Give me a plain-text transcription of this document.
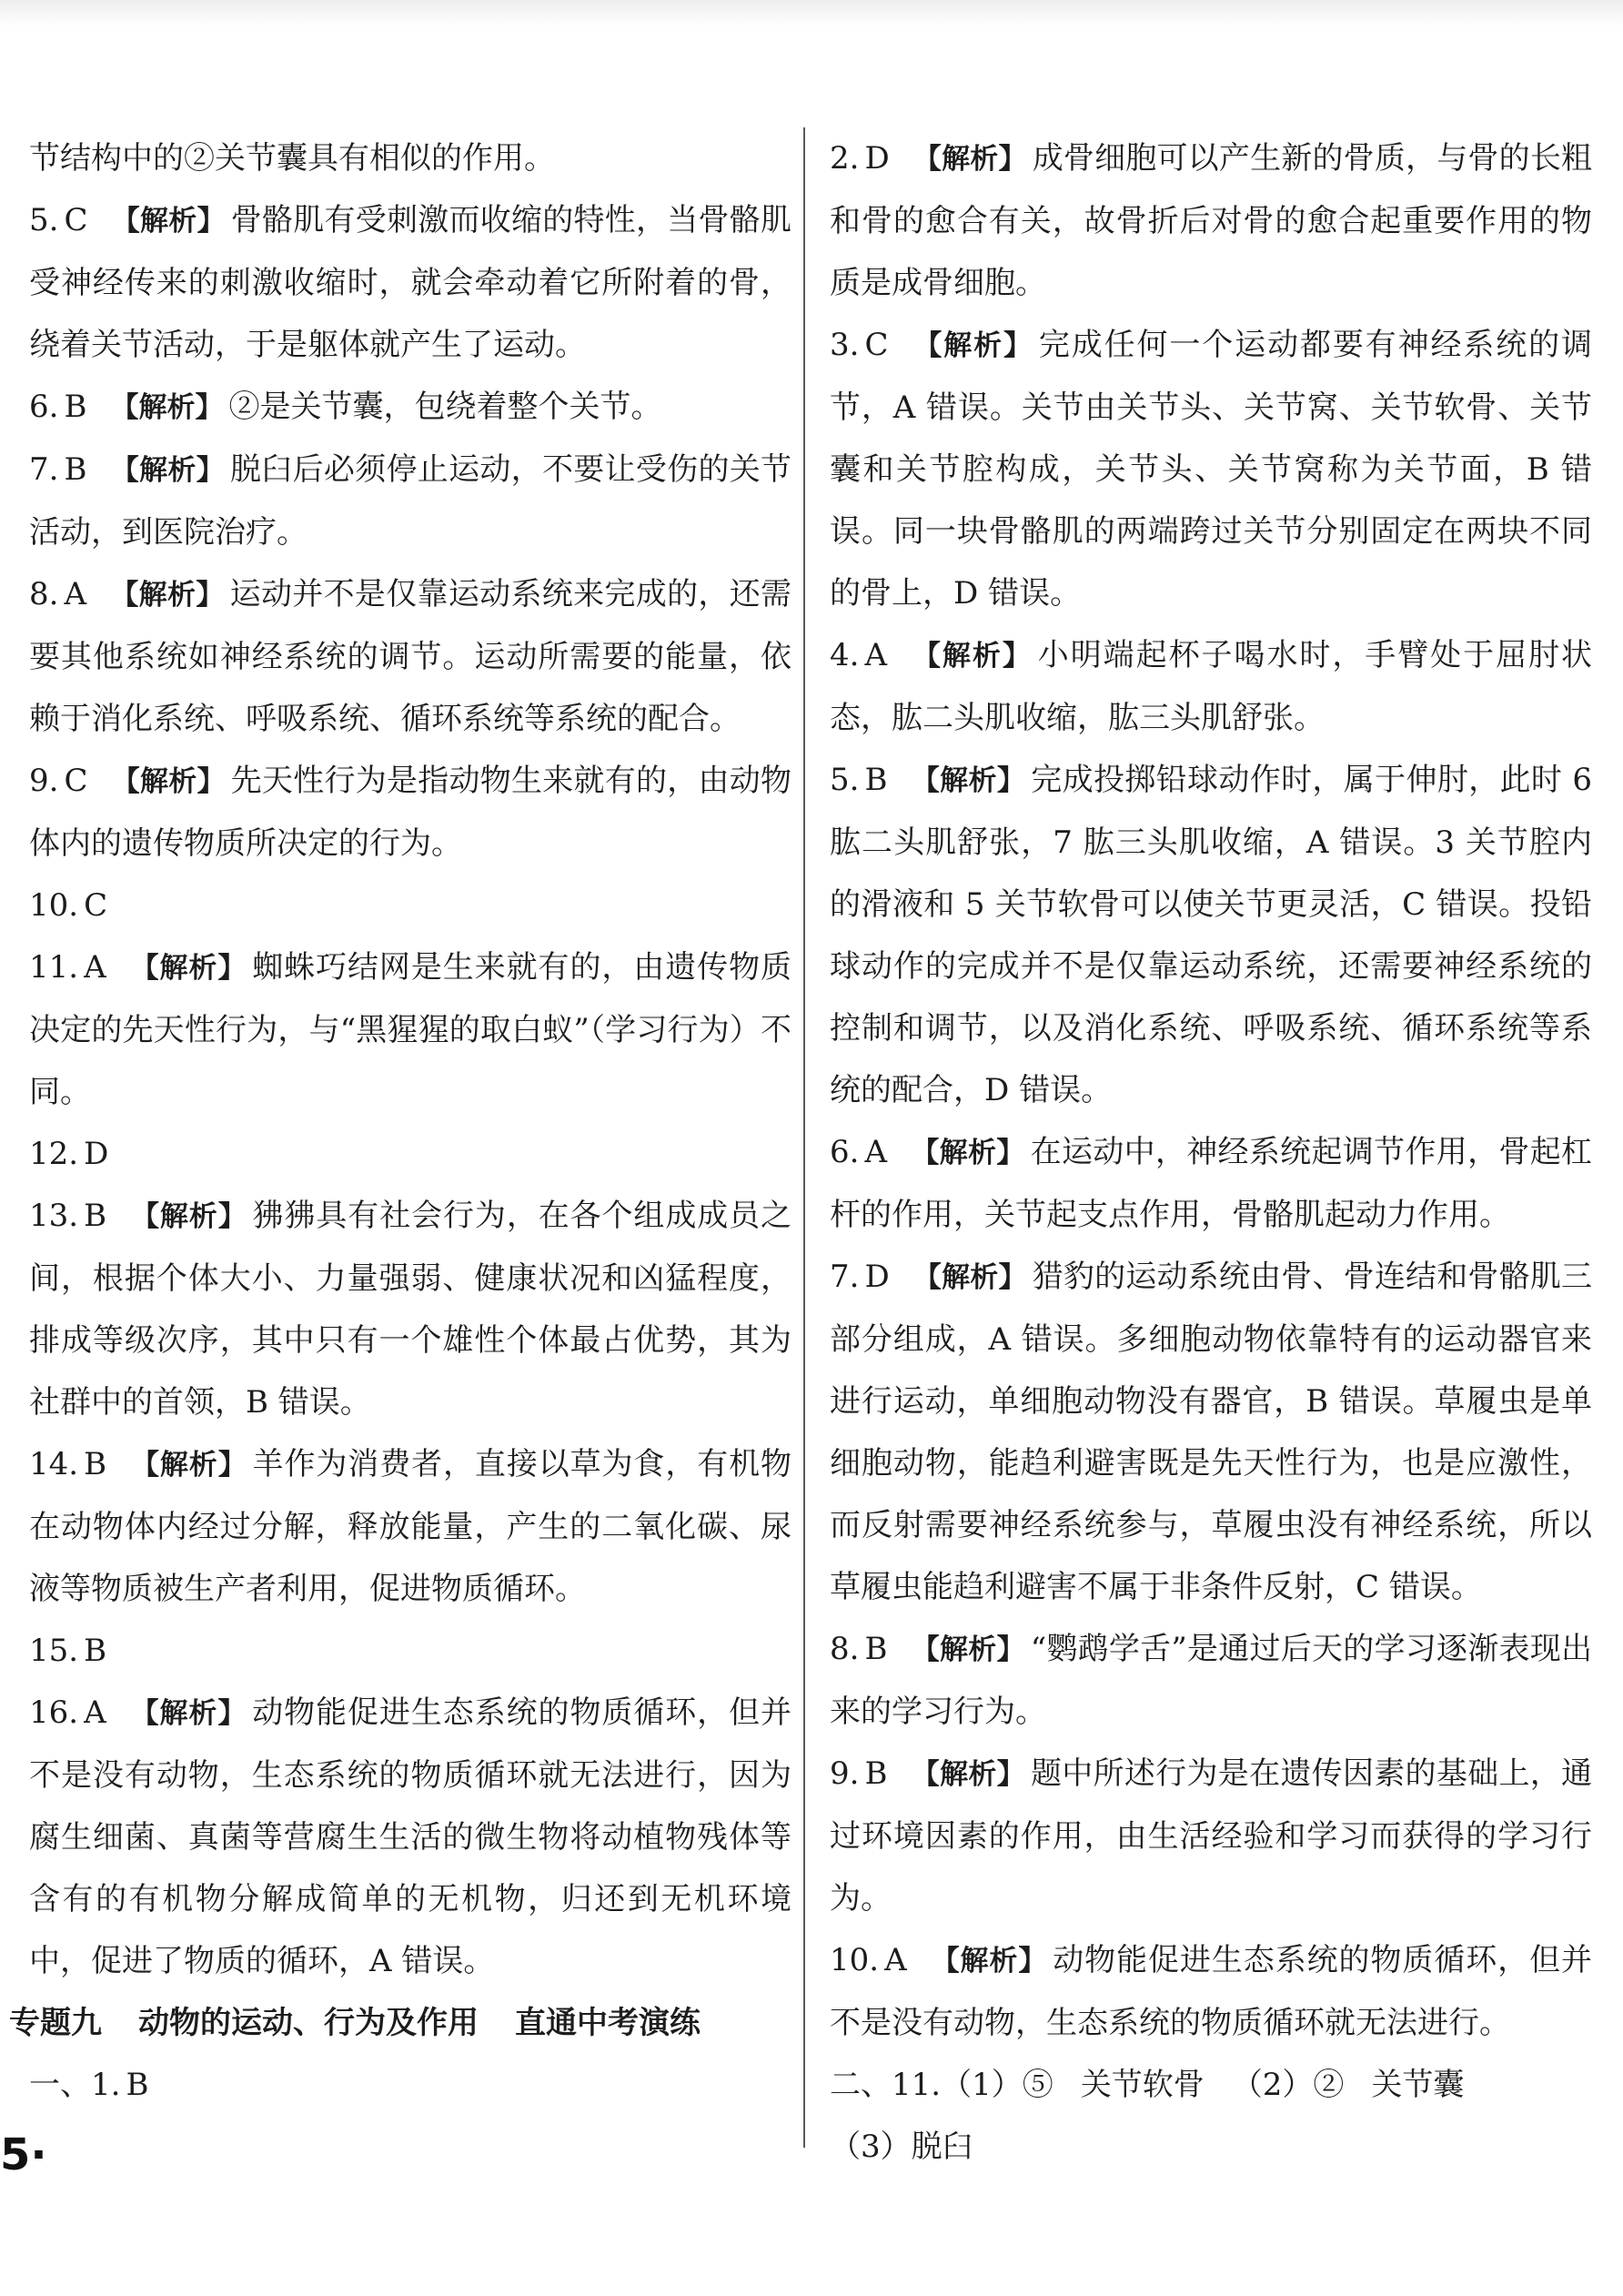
节结构中的②关节囊具有相似的作用。

5. C 【 解析 】 骨骼肌有受刺激而收缩的特性，当骨骼肌受神经传来的刺激收缩时，就会牵动着它所附着的骨，绕着关节活动，于是躯体就产生了运动。

6. B 【 解析 】 ②是关节囊，包绕着整个关节。

7. B 【 解析 】 脱臼后必须停止运动，不要让受伤的关节活动，到医院治疗。

8. A 【 解析 】 运动并不是仅靠运动系统来完成的，还需要其他系统如神经系统的调节。运动所需要的能量，依赖于消化系统、呼吸系统、循环系统等系统的配合。

9. C 【 解析 】 先天性行为是指动物生来就有的，由动物体内的遗传物质所决定的行为。

10. C

11. A 【 解析 】 蜘蛛巧结网是生来就有的，由遗传物质决定的先天性行为，与“黑猩猩的取白蚁”（学习行为）不同。

12. D

13. B 【 解析 】 狒狒具有社会行为，在各个组成成员之间，根据个体大小、力量强弱、健康状况和凶猛程度，排成等级次序，其中只有一个雄性个体最占优势，其为社群中的首领，B 错误。

14. B 【 解析 】 羊作为消费者，直接以草为食，有机物在动物体内经过分解，释放能量，产生的二氧化碳、尿液等物质被生产者利用，促进物质循环。

15. B

16. A 【 解析 】 动物能促进生态系统的物质循环，但并不是没有动物，生态系统的物质循环就无法进行，因为腐生细菌、真菌等营腐生生活的微生物将动植物残体等含有的有机物分解成简单的无机物，归还到无机环境中，促进了物质的循环，A 错误。

专题九 动物的运动、行为及作用 直通中考演练

一、1. B

2. D 【 解析 】 成骨细胞可以产生新的骨质，与骨的长粗和骨的愈合有关，故骨折后对骨的愈合起重要作用的物质是成骨细胞。

3. C 【 解析 】 完成任何一个运动都要有神经系统的调节，A 错误。关节由关节头、关节窝、关节软骨、关节囊和关节腔构成，关节头、关节窝称为关节面，B 错误。同一块骨骼肌的两端跨过关节分别固定在两块不同的骨上，D 错误。

4. A 【 解析 】 小明端起杯子喝水时，手臂处于屈肘状态，肱二头肌收缩，肱三头肌舒张。

5. B 【 解析 】 完成投掷铅球动作时，属于伸肘，此时 6 肱二头肌舒张，7 肱三头肌收缩，A 错误。3 关节腔内的滑液和 5 关节软骨可以使关节更灵活，C 错误。投铅球动作的完成并不是仅靠运动系统，还需要神经系统的控制和调节，以及消化系统、呼吸系统、循环系统等系统的配合，D 错误。

6. A 【 解析 】 在运动中，神经系统起调节作用，骨起杠杆的作用，关节起支点作用，骨骼肌起动力作用。

7. D 【 解析 】 猎豹的运动系统由骨、骨连结和骨骼肌三部分组成，A 错误。多细胞动物依靠特有的运动器官来进行运动，单细胞动物没有器官，B 错误。草履虫是单细胞动物，能趋利避害既是先天性行为，也是应激性，而反射需要神经系统参与，草履虫没有神经系统，所以草履虫能趋利避害不属于非条件反射，C 错误。

8. B 【 解析 】 “鹦鹉学舌”是通过后天的学习逐渐表现出来的学习行为。

9. B 【 解析 】 题中所述行为是在遗传因素的基础上，通过环境因素的作用，由生活经验和学习而获得的学习行为。

10. A 【 解析 】 动物能促进生态系统的物质循环，但并不是没有动物，生态系统的物质循环就无法进行。

二、11.（1）⑤ 关节软骨 （2）② 关节囊

（3）脱臼

5 ·
